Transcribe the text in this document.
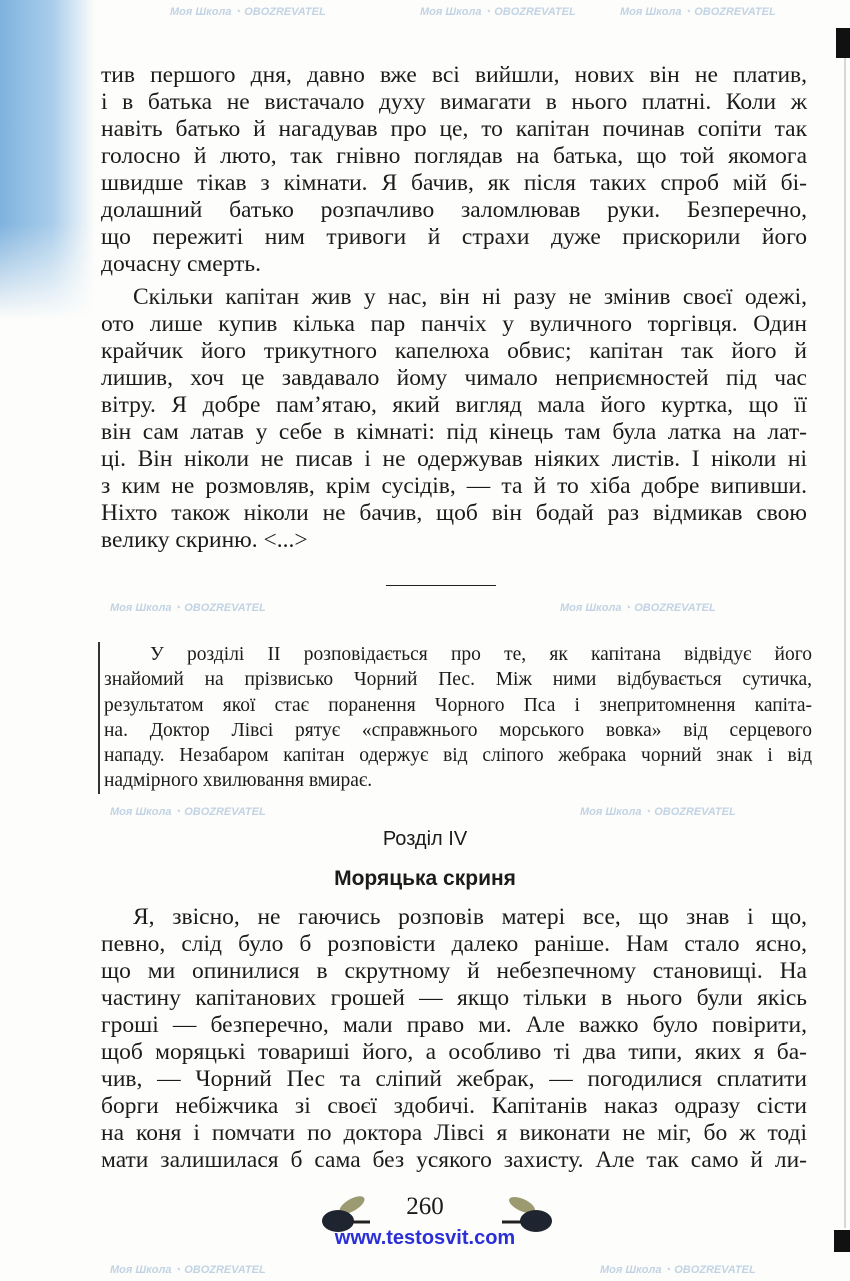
Моя Школа ◔ OBOZREVATEL	Моя Школа ◔ OBOZREVATEL	Моя Школа ◔ OBOZREVATEL
Моя Школа ◔ OBOZREVATEL	Моя Школа ◔ OBOZREVATEL
Моя Школа ◔ OBOZREVATEL	Моя Школа ◔ OBOZREVATEL
Моя Школа ◔ OBOZREVATEL	Моя Школа ◔ OBOZREVATEL
тив першого дня, давно вже всі вийшли, нових він не платив,
і в батька не вистачало духу вимагати в нього платні. Коли ж
навіть батько й нагадував про це, то капітан починав сопіти так
голосно й люто, так гнівно поглядав на батька, що той якомога
швидше тікав з кімнати. Я бачив, як після таких спроб мій бі-
долашний батько розпачливо заломлював руки. Безперечно,
що пережиті ним тривоги й страхи дуже прискорили його
дочасну смерть.
Скільки капітан жив у нас, він ні разу не змінив своєї одежі,
ото лише купив кілька пар панчіх у вуличного торгівця. Один
крайчик його трикутного капелюха обвис; капітан так його й
лишив, хоч це завдавало йому чимало неприємностей під час
вітру. Я добре пам’ятаю, який вигляд мала його куртка, що її
він сам латав у себе в кімнаті: під кінець там була латка на лат-
ці. Він ніколи не писав і не одержував ніяких листів. І ніколи ні
з ким не розмовляв, крім сусідів, — та й то хіба добре випивши.
Ніхто також ніколи не бачив, щоб він бодай раз відмикав свою
велику скриню. <...>
У розділі II розповідається про те, як капітана відвідує його
знайомий на прізвисько Чорний Пес. Між ними відбувається сутичка,
результатом якої стає поранення Чорного Пса і знепритомнення капіта-
на. Доктор Лівсі рятує «справжнього морського вовка» від серцевого
нападу. Незабаром капітан одержує від сліпого жебрака чорний знак і від
надмірного хвилювання вмирає.
Розділ IV
Моряцька скриня
Я, звісно, не гаючись розповів матері все, що знав і що,
певно, слід було б розповісти далеко раніше. Нам стало ясно,
що ми опинилися в скрутному й небезпечному становищі. На
частину капітанових грошей — якщо тільки в нього були якісь
гроші — безперечно, мали право ми. Але важко було повірити,
щоб моряцькі товариші його, а особливо ті два типи, яких я ба-
чив, — Чорний Пес та сліпий жебрак, — погодилися сплатити
борги небіжчика зі своєї здобичі. Капітанів наказ одразу сісти
на коня і помчати по доктора Лівсі я виконати не міг, бо ж тоді
мати залишилася б сама без усякого захисту. Але так само й ли-
260
www.testosvit.com
